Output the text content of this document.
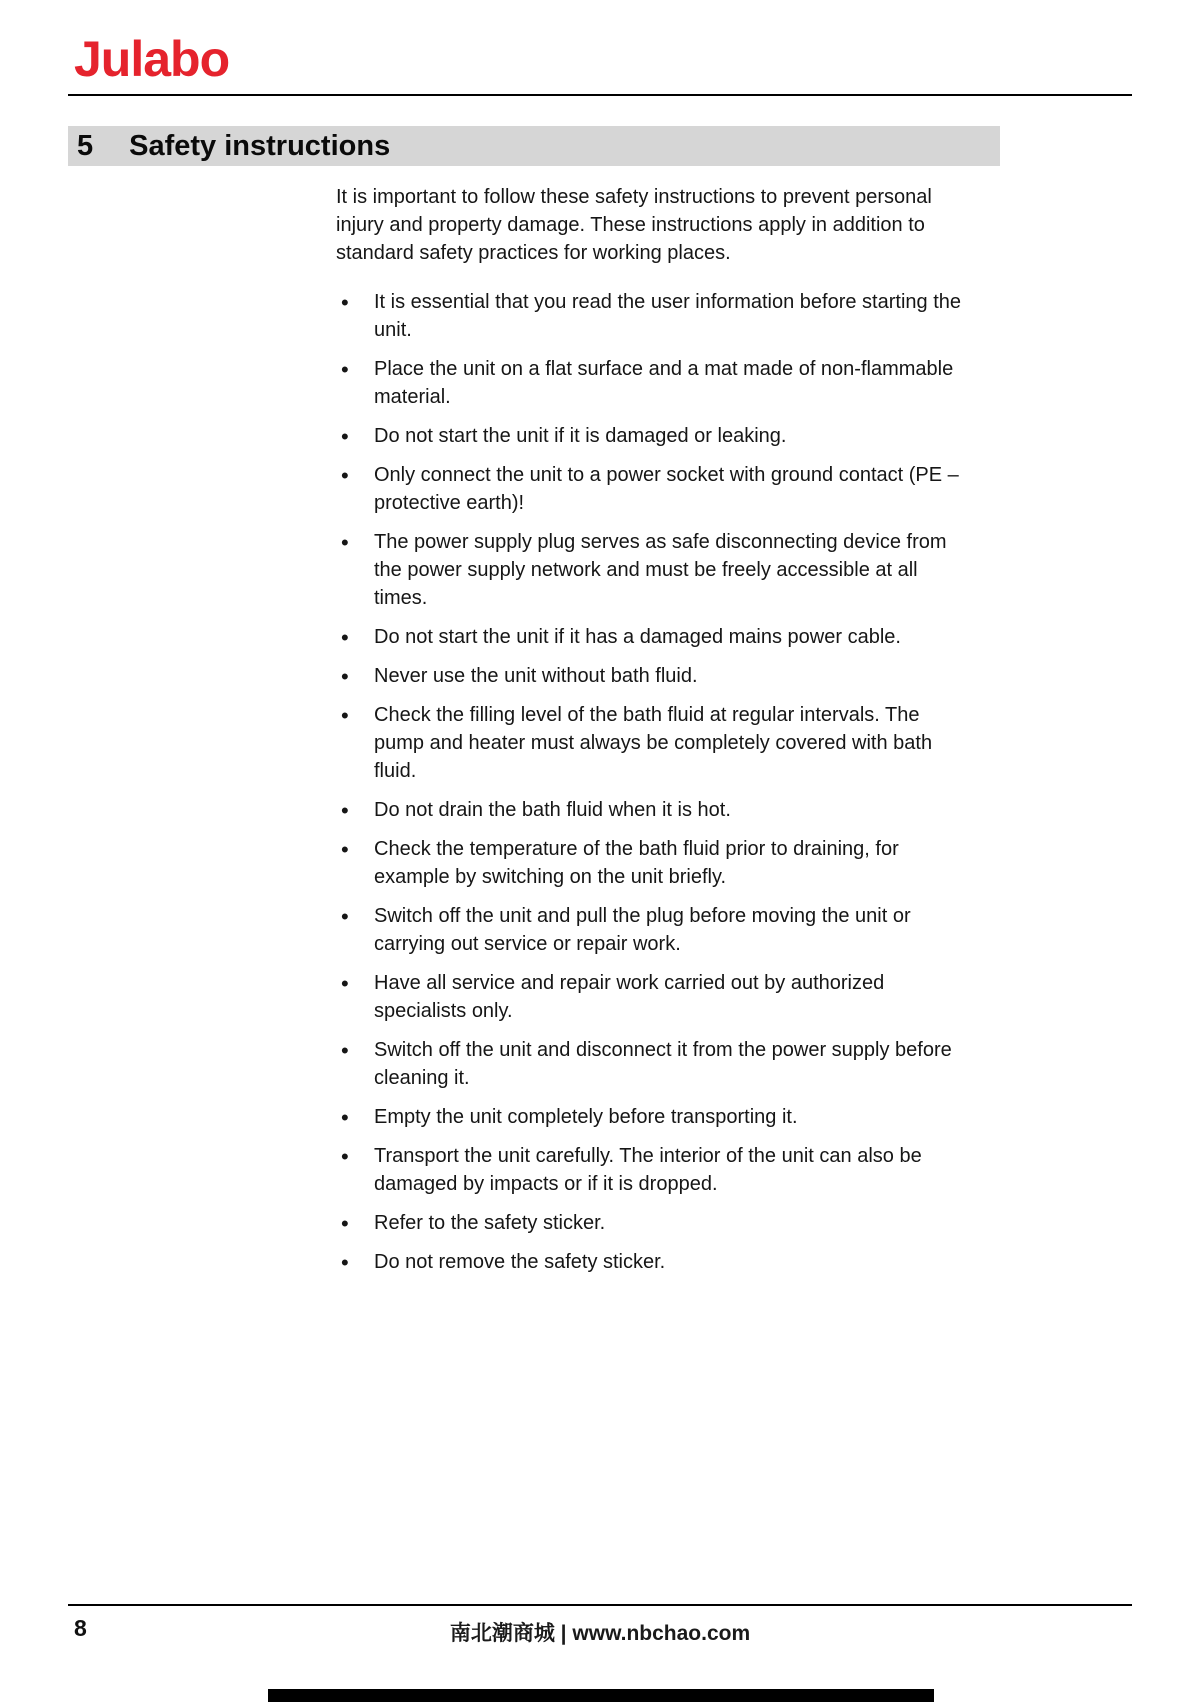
Julabo
5 Safety instructions

It is important to follow these safety instructions to prevent personal injury and property damage. These instructions apply in addition to standard safety practices for working places.

• It is essential that you read the user information before starting the unit.
• Place the unit on a flat surface and a mat made of non-flammable material.
• Do not start the unit if it is damaged or leaking.
• Only connect the unit to a power socket with ground contact (PE – protective earth)!
• The power supply plug serves as safe disconnecting device from the power supply network and must be freely accessible at all times.
• Do not start the unit if it has a damaged mains power cable.
• Never use the unit without bath fluid.
• Check the filling level of the bath fluid at regular intervals. The pump and heater must always be completely covered with bath fluid.
• Do not drain the bath fluid when it is hot.
• Check the temperature of the bath fluid prior to draining, for example by switching on the unit briefly.
• Switch off the unit and pull the plug before moving the unit or carrying out service or repair work.
• Have all service and repair work carried out by authorized specialists only.
• Switch off the unit and disconnect it from the power supply before cleaning it.
• Empty the unit completely before transporting it.
• Transport the unit carefully. The interior of the unit can also be damaged by impacts or if it is dropped.
• Refer to the safety sticker.
• Do not remove the safety sticker.
8	南北潮商城 | www.nbchao.com
